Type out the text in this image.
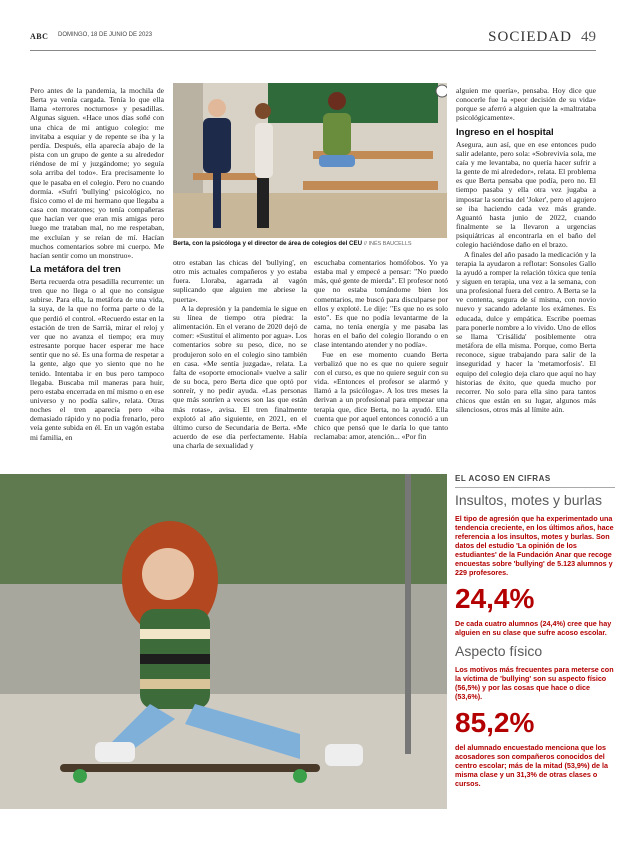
ABC DOMINGO, 18 DE JUNIO DE 2023	SOCIEDAD 49

Pero antes de la pandemia, la mochila de Berta ya venía cargada. Tenía lo que ella llama «terrores nocturnos» y pesadillas. Algunas siguen. «Hace unos días soñé con una chica de mi antiguo colegio: me invitaba a esquiar y de repente se iba y la perdía. Después, ella aparecía abajo de la pista con un grupo de gente a su alrededor riéndose de mí y juzgándome; yo seguía sola arriba del todo». Era precisamente lo que le pasaba en el colegio. Pero no cuando dormía. «Sufrí 'bullying' psicológico, no físico como el de mi hermano que llegaba a casa con moratones; yo tenía compañeras que hacían ver que eran mis amigas pero luego me trataban mal, no me respetaban, me excluían y se reían de mí. Hacían muchos comentarios sobre mi cuerpo. Me hacían sentir como un monstruo».

La metáfora del tren

Berta recuerda otra pesadilla recurrente: un tren que no llega o al que no consigue subirse. Para ella, la metáfora de una vida, la suya, de la que no forma parte o de la que perdió el control. «Recuerdo estar en la estación de tren de Sarrià, mirar el reloj y ver que no avanza el tiempo; era muy estresante porque hacer esperar me hace sentir que no sé. Es una forma de respetar a la gente, algo que yo siento que no he tenido. Intentaba ir en bus pero tampoco llegaba. Buscaba mil maneras para huir, pero estaba encerrada en mí mismo o en ese universo y no podía salir», relata. Otras noches el tren aparecía pero «iba demasiado rápido y no podía frenarlo, pero veía gente subida en él. En un vagón estaba mi familia, en

Berta, con la psicóloga y el director de área de colegios del CEU // INÉS BAUCELLS

otro estaban las chicas del 'bullying', en otro mis actuales compañeros y yo estaba fuera. Lloraba, agarrada al vagón suplicando que alguien me abriese la puerta».

A la depresión y la pandemia le sigue en su línea de tiempo otra piedra: la alimentación. En el verano de 2020 dejó de comer: «Sustituí el alimento por agua». Los comentarios sobre su peso, dice, no se produjeron solo en el colegio sino también en casa. «Me sentía juzgada», relata. La falta de «soporte emocional» vuelve a salir de su boca, pero Berta dice que optó por sonreír, y no pedir ayuda. «Las personas que más sonríen a veces son las que están más rotas», avisa. El tren finalmente explotó al año siguiente, en 2021, en el último curso de Secundaria de Berta. «Me acuerdo de ese día perfectamente. Había una charla de sexualidad y

escuchaba comentarios homófobos. Yo ya estaba mal y empecé a pensar: "No puedo más, qué gente de mierda". El profesor notó que no estaba tomándome bien los comentarios, me buscó para disculparse por ellos y exploté. Le dije: "Es que no es solo esto". Es que no podía levantarme de la cama, no tenía energía y me pasaba las horas en el baño del colegio llorando o en clase intentando atender y no podía».

Fue en ese momento cuando Berta verbalizó que no es que no quiere seguir con el curso, es que no quiere seguir con su vida. «Entonces el profesor se alarmó y llamó a la psicóloga». A los tres meses la derivan a un profesional para empezar una terapia que, dice Berta, no la ayudó. Ella cuenta que por aquel entonces conoció a un chico que pensó que le daría lo que tanto reclamaba: amor, atención... «Por fin

alguien me quería», pensaba. Hoy dice que conocerle fue la «peor decisión de su vida» porque se aferró a alguien que la «maltrataba psicológicamente».

Ingreso en el hospital

Asegura, aun así, que en ese entonces pudo salir adelante, pero sola: «Sobrevivía sola, me caía y me levantaba, no quería hacer sufrir a la gente de mi alrededor», relata. El problema es que Berta pensaba que podía, pero no. El tiempo pasaba y ella otra vez jugaba a impostar la sonrisa del 'Joker', pero el agujero se iba haciendo cada vez más grande. Aguantó hasta junio de 2022, cuando finalmente se la llevaron a urgencias psiquiátricas al encontrarla en el baño del colegio haciéndose daño en el brazo.

A finales del año pasado la medicación y la terapia la ayudaron a reflotar: Sonsoles Gallo la ayudó a romper la relación tóxica que tenía y siguen en terapia, una vez a la semana, con una profesional fuera del centro. A Berta se la ve contenta, segura de sí misma, con novio nuevo y sacando adelante los exámenes. Es educada, dulce y empática. Escribe poemas para ponerle nombre a lo vivido. Uno de ellos se llama 'Crisálida' posiblemente otra metáfora de ella misma. Porque, como Berta reconoce, sigue trabajando para salir de la inseguridad y hacer la 'metamorfosis'. El equipo del colegio deja claro que aquí no hay historias de éxito, que queda mucho por recorrer. No solo para ella sino para tantos chicos que están en su lugar, algunos más silenciosos, otros más al límite aún.

EL ACOSO EN CIFRAS
Insultos, motes y burlas
El tipo de agresión que ha experimentado una tendencia creciente, en los últimos años, hace referencia a los insultos, motes y burlas. Son datos del estudio 'La opinión de los estudiantes' de la Fundación Anar que recoge encuestas sobre 'bullying' de 5.123 alumnos y 229 profesores.
24,4%
De cada cuatro alumnos (24,4%) cree que hay alguien en su clase que sufre acoso escolar.
Aspecto físico
Los motivos más frecuentes para meterse con la víctima de 'bullying' son su aspecto físico (56,5%) y por las cosas que hace o dice (53,6%).
85,2%
del alumnado encuestado menciona que los acosadores son compañeros conocidos del centro escolar; más de la mitad (53,9%) de la misma clase y un 31,3% de otras clases o cursos.
